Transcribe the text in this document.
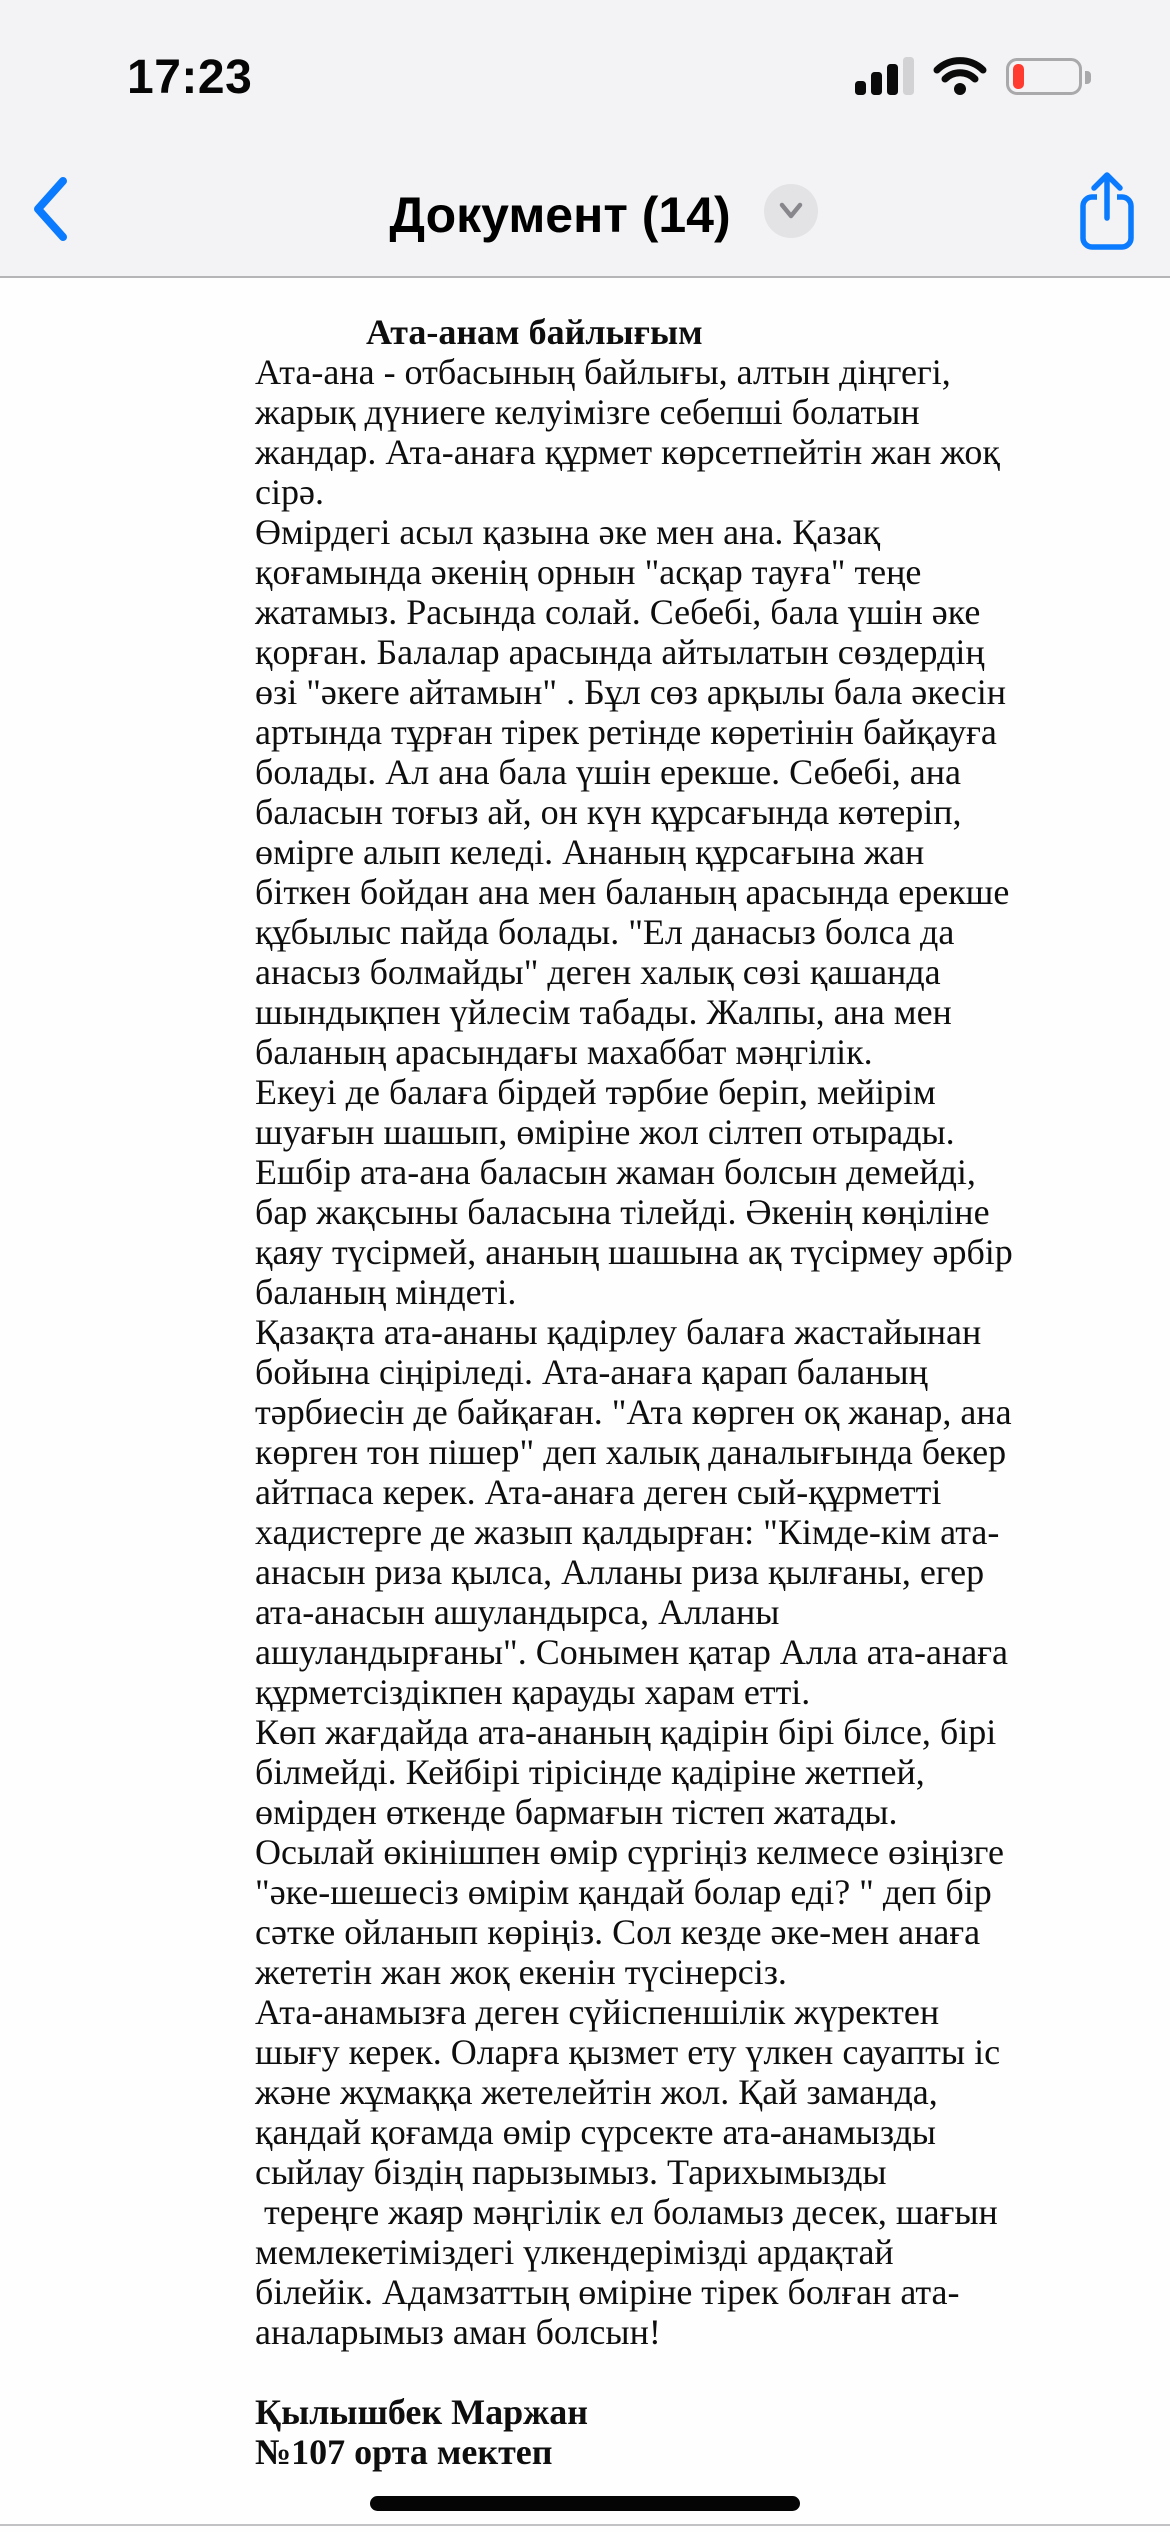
17:23
Документ (14)
Ата-анам байлығым
Ата-ана - отбасының байлығы, алтын діңгегі,
жарық дүниеге келуімізге себепші болатын
жандар. Ата-анаға құрмет көрсетпейтін жан жоқ
сірә.
Өмірдегі асыл қазына әке мен ана. Қазақ
қоғамында әкенің орнын "асқар тауға" теңе
жатамыз. Расында солай. Себебі, бала үшін әке
қорған. Балалар арасында айтылатын сөздердің
өзі "әкеге айтамын" . Бұл сөз арқылы бала әкесін
артында тұрған тірек ретінде көретінін байқауға
болады. Ал ана бала үшін ерекше. Себебі, ана
баласын тоғыз ай, он күн құрсағында көтеріп,
өмірге алып келеді. Ананың құрсағына жан
біткен бойдан ана мен баланың арасында ерекше
құбылыс пайда болады. "Ел данасыз болса да
анасыз болмайды" деген халық сөзі қашанда
шындықпен үйлесім табады. Жалпы, ана мен
баланың арасындағы махаббат мәңгілік.
Екеуі де балаға бірдей тәрбие беріп, мейірім
шуағын шашып, өміріне жол сілтеп отырады.
Ешбір ата-ана баласын жаман болсын демейді,
бар жақсыны баласына тілейді. Әкенің көңіліне
қаяу түсірмей, ананың шашына ақ түсірмеу әрбір
баланың міндеті.
Қазақта ата-ананы қадірлеу балаға жастайынан
бойына сіңіріледі. Ата-анаға қарап баланың
тәрбиесін де байқаған. "Ата көрген оқ жанар, ана
көрген тон пішер" деп халық даналығында бекер
айтпаса керек. Ата-анаға деген сый-құрметті
хадистерге де жазып қалдырған: "Кімде-кім ата-
анасын риза қылса, Алланы риза қылғаны, егер
ата-анасын ашуландырса, Алланы
ашуландырғаны". Сонымен қатар Алла ата-анаға
құрметсіздікпен қарауды харам етті.
Көп жағдайда ата-ананың қадірін бірі білсе, бірі
білмейді. Кейбірі тірісінде қадіріне жетпей,
өмірден өткенде бармағын тістеп жатады.
Осылай өкінішпен өмір сүргіңіз келмесе өзіңізге
"әке-шешесіз өмірім қандай болар еді? " деп бір
сәтке ойланып көріңіз. Сол кезде әке-мен анаға
жететін жан жоқ екенін түсінерсіз.
Ата-анамызға деген сүйіспеншілік жүректен
шығу керек. Оларға қызмет ету үлкен сауапты іс
және жұмаққа жетелейтін жол. Қай заманда,
қандай қоғамда өмір сүрсекте ата-анамызды
сыйлау біздің парызымыз. Тарихымызды
тереңге жаяр мәңгілік ел боламыз десек, шағын
мемлекетіміздегі үлкендерімізді ардақтай
білейік. Адамзаттың өміріне тірек болған ата-
аналарымыз аман болсын!
Қылышбек Маржан
№107 орта мектеп
